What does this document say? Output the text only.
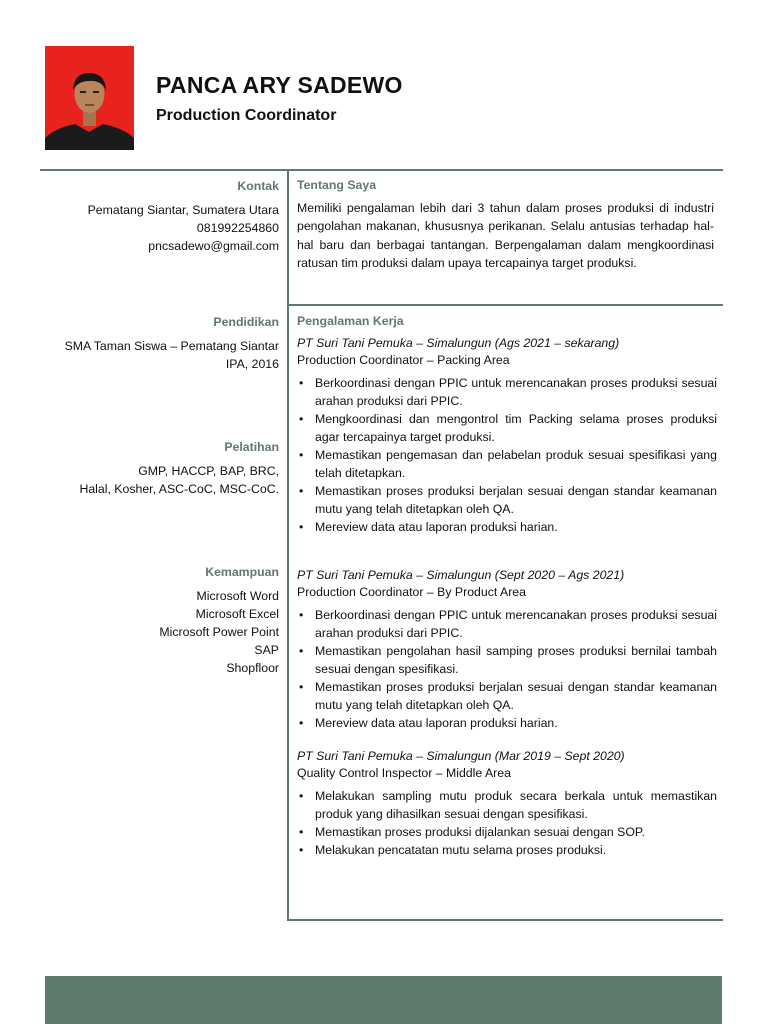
PANCA ARY SADEWO
Production Coordinator
Kontak
Pematang Siantar, Sumatera Utara
081992254860
pncsadewo@gmail.com
Pendidikan
SMA Taman Siswa – Pematang Siantar
IPA, 2016
Pelatihan
GMP, HACCP, BAP, BRC,
Halal, Kosher, ASC-CoC, MSC-CoC.
Kemampuan
Microsoft Word
Microsoft Excel
Microsoft Power Point
SAP
Shopfloor
Tentang Saya

Memiliki pengalaman lebih dari 3 tahun dalam proses produksi di industri pengolahan makanan, khususnya perikanan. Selalu antusias terhadap hal-hal baru dan berbagai tantangan. Berpengalaman dalam mengkoordinasi ratusan tim produksi dalam upaya tercapainya target produksi.

Pengalaman Kerja
PT Suri Tani Pemuka – Simalungun (Ags 2021 – sekarang)
Production Coordinator – Packing Area
• Berkoordinasi dengan PPIC untuk merencanakan proses produksi sesuai arahan produksi dari PPIC.
• Mengkoordinasi dan mengontrol tim Packing selama proses produksi agar tercapainya target produksi.
• Memastikan pengemasan dan pelabelan produk sesuai spesifikasi yang telah ditetapkan.
• Memastikan proses produksi berjalan sesuai dengan standar keamanan mutu yang telah ditetapkan oleh QA.
• Mereview data atau laporan produksi harian.
PT Suri Tani Pemuka – Simalungun (Sept 2020 – Ags 2021)
Production Coordinator – By Product Area
• Berkoordinasi dengan PPIC untuk merencanakan proses produksi sesuai arahan produksi dari PPIC.
• Memastikan pengolahan hasil samping proses produksi bernilai tambah sesuai dengan spesifikasi.
• Memastikan proses produksi berjalan sesuai dengan standar keamanan mutu yang telah ditetapkan oleh QA.
• Mereview data atau laporan produksi harian.
PT Suri Tani Pemuka – Simalungun (Mar 2019 – Sept 2020)
Quality Control Inspector – Middle Area
• Melakukan sampling mutu produk secara berkala untuk memastikan produk yang dihasilkan sesuai dengan spesifikasi.
• Memastikan proses produksi dijalankan sesuai dengan SOP.
• Melakukan pencatatan mutu selama proses produksi.
